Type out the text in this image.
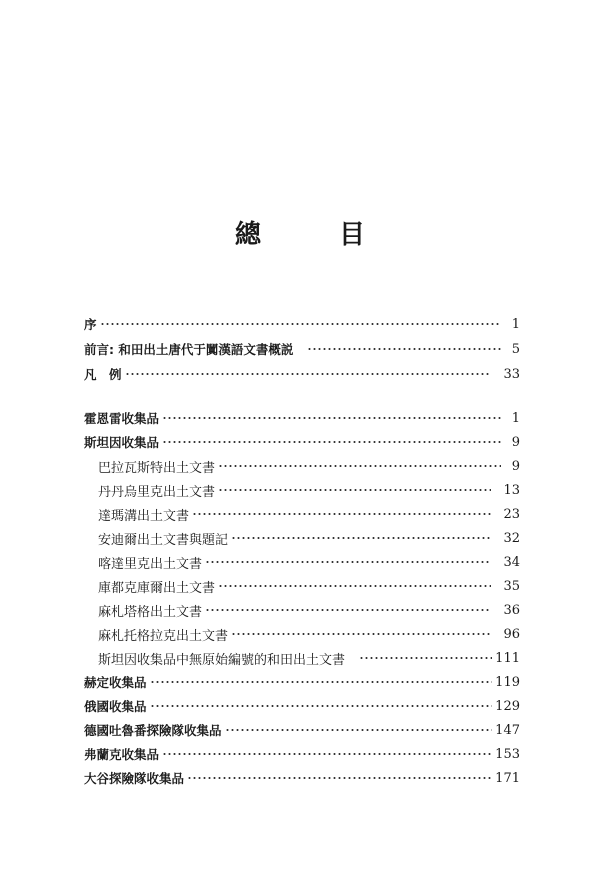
總　目
序	1
前言: 和田出土唐代于闐漢語文書概説	5
凡　例	33
霍恩雷收集品	1
斯坦因收集品	9
巴拉瓦斯特出土文書	9
丹丹烏里克出土文書	13
達瑪溝出土文書	23
安迪爾出土文書與題記	32
喀達里克出土文書	34
庫都克庫爾出土文書	35
麻札塔格出土文書	36
麻札托格拉克出土文書	96
斯坦因收集品中無原始編號的和田出土文書	111
赫定收集品	119
俄國收集品	129
德國吐魯番探險隊收集品	147
弗蘭克收集品	153
大谷探險隊收集品	171
